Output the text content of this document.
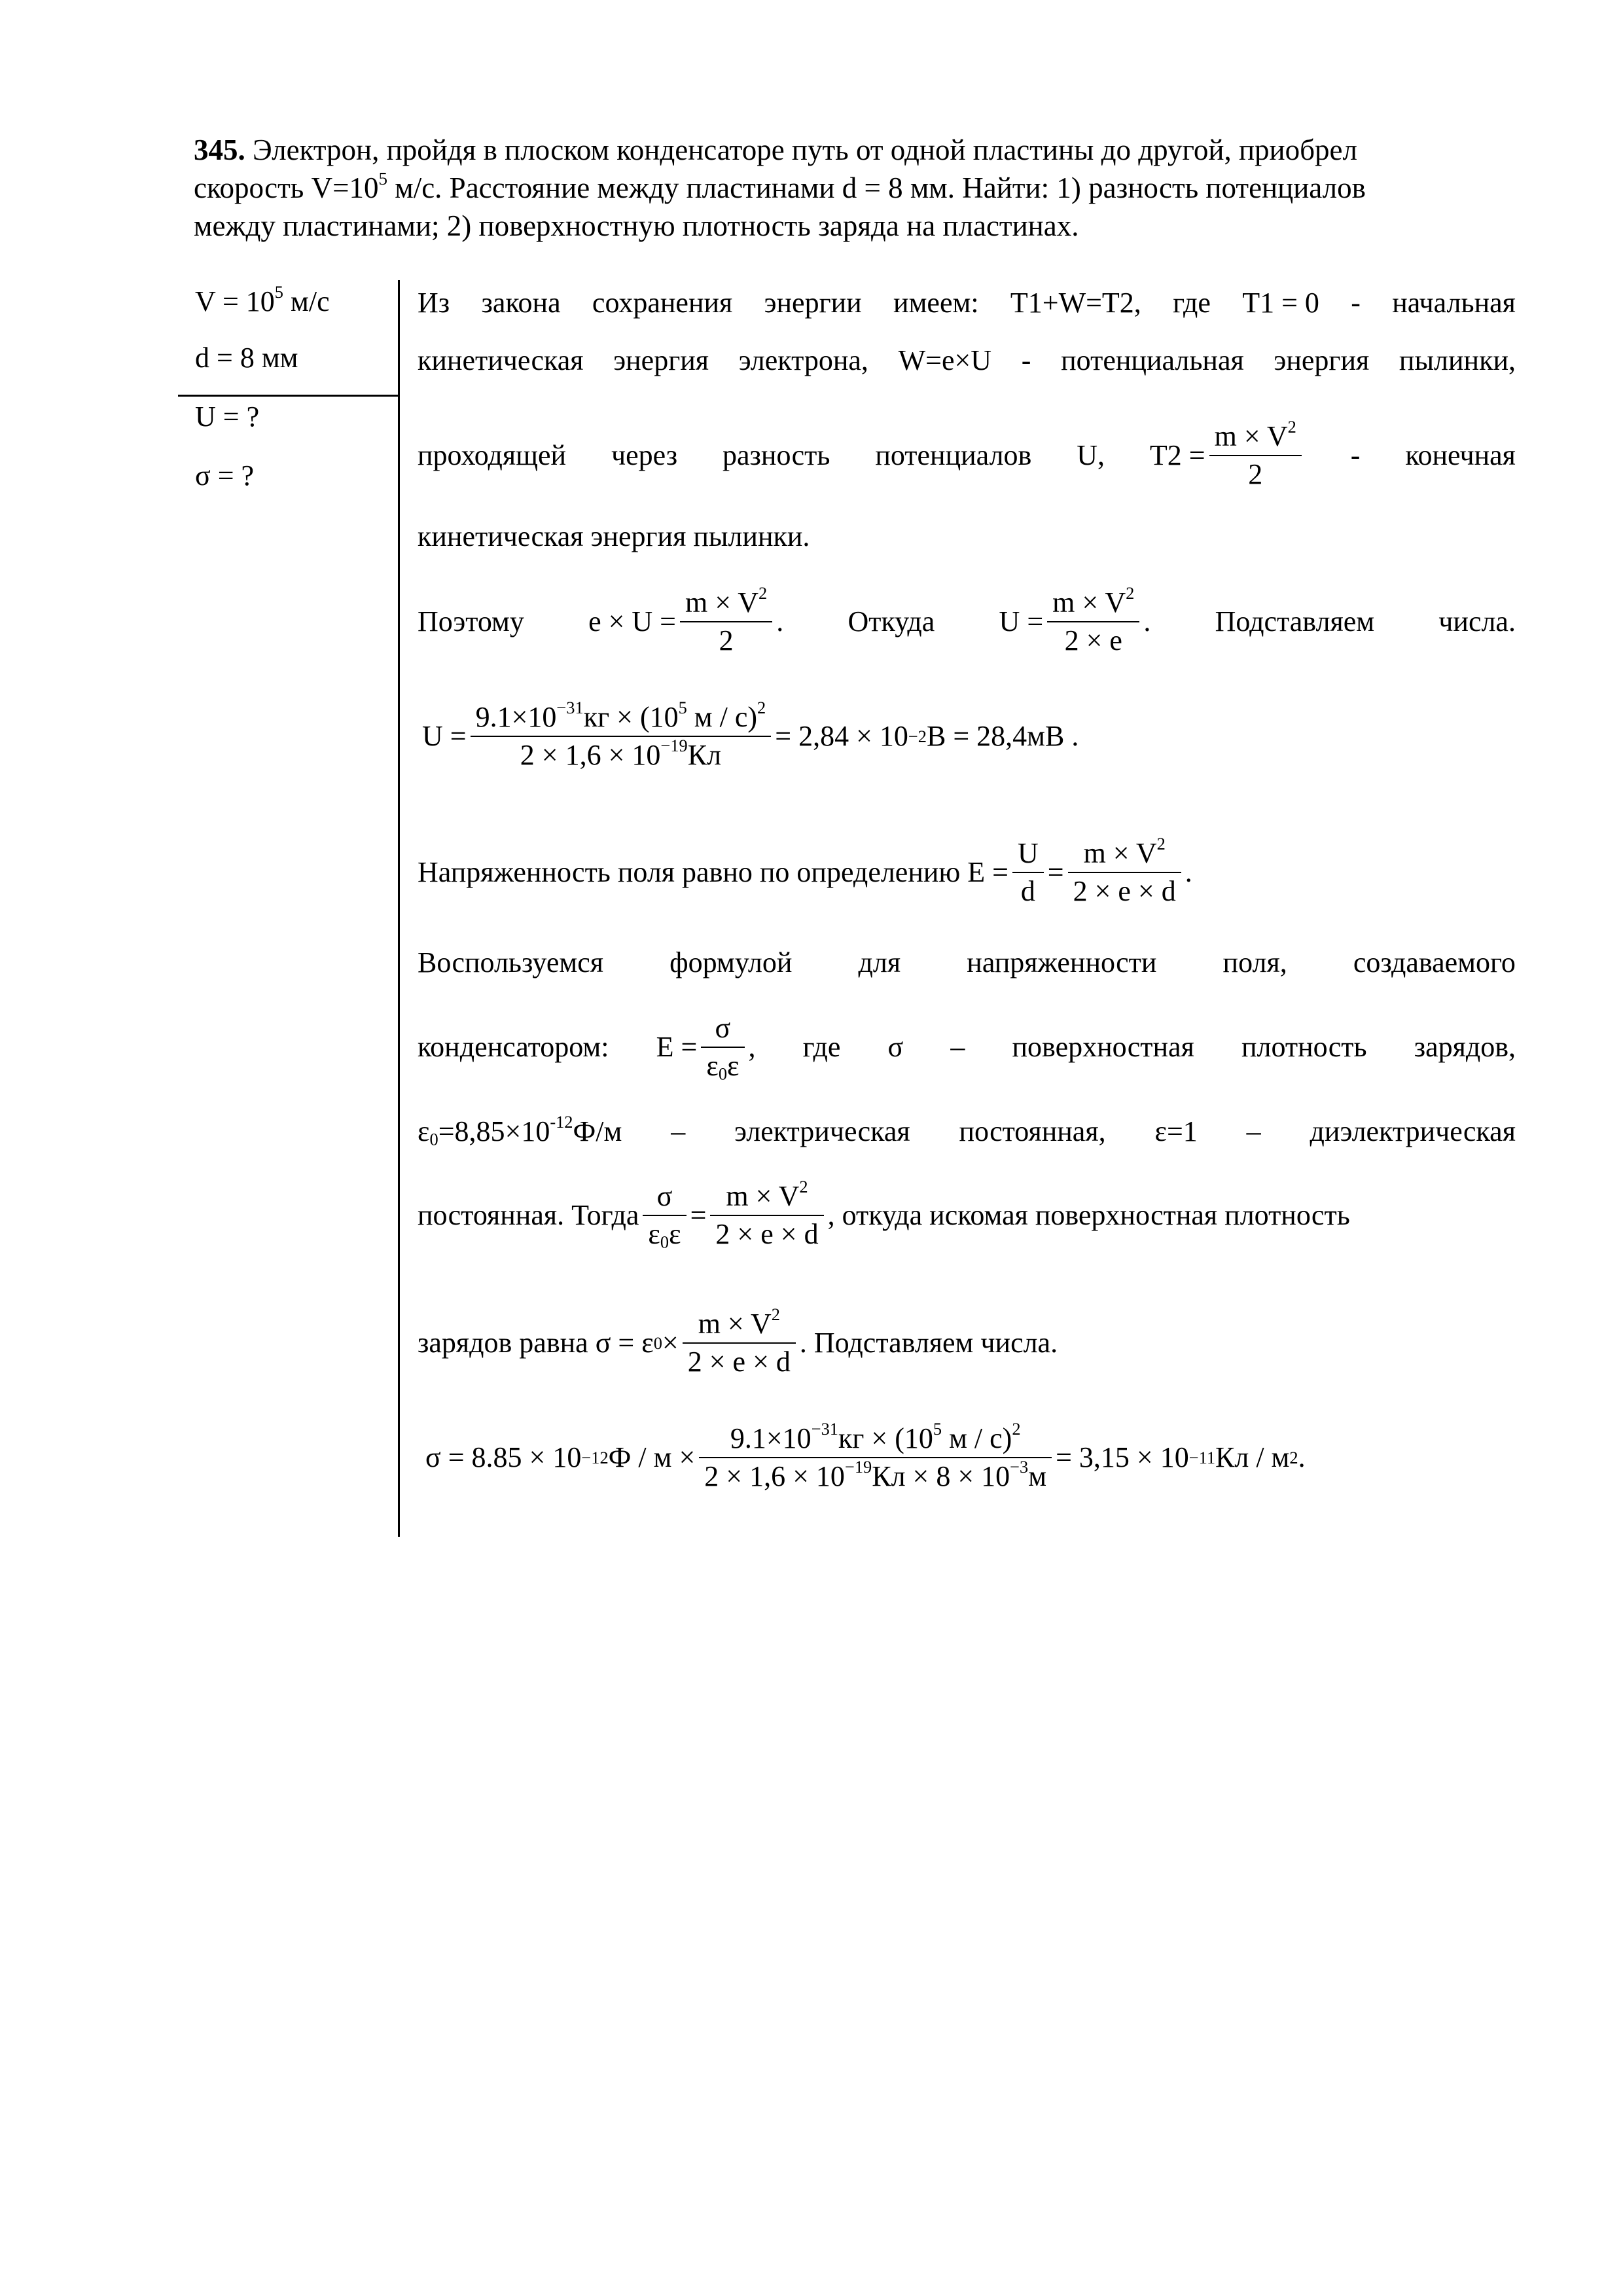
345. Электрон, пройдя в плоском конденсаторе путь от одной пластины до другой, приобрел
скорость $V=10^5$ м/с. Расстояние между пластинами d = 8 мм. Найти: 1) разность потенциалов
между пластинами; 2) поверхностную плотность заряда на пластинах.
$V = 10^5$ м/с
d = 8 мм
U = ?
σ = ?
Из закона сохранения энергии имеем: T1+W=T2, где T1 = 0 - начальная
кинетическая энергия электрона, W=e×U - потенциальная энергия пылинки,
проходящей через разность потенциалов U, $T2 = \frac{m \times V^2}{2}$ - конечная
кинетическая энергия пылинки.
Поэтому $e \times U = \frac{m \times V^2}{2}$ . Откуда $U = \frac{m \times V^2}{2 \times e}$ . Подставляем числа.
$U = \frac{9.1\times 10^{-31}кг \times (10^5 м / с)^2}{2 \times 1,6 \times 10^{-19}Кл} = 2,84 \times 10 -2$ В = 28,4мВ .
Напряженность поля равно по определению
$E = \frac{U}{d} = \frac{m \times V^2}{2 \times e \times d}$ .
Воспользуемся формулой для напряженности поля, создаваемого
конденсатором: $E = \frac{\sigma}{\varepsilon_0\varepsilon}$ , где σ – поверхностная плотность зарядов,
$\varepsilon_0=8,85\times 10^{-12}Ф/м$ – электрическая постоянная, ε=1 – диэлектрическая
постоянная. Тогда $\frac{\sigma}{\varepsilon_0\varepsilon} = \frac{m \times V^2}{2 \times e \times d}$ , откуда искомая поверхностная плотность
зарядов равна σ = ε $0 \times \frac{m \times V^2}{2 \times e \times d}$ . Подставляем числа.
σ = 8.85 × 10 −12 $Ф / м \times \frac{9.1\times 10^{-31}кг \times (10^5 м / с)^2}{2 \times 1,6 \times 10^{-19}Кл \times 8 \times 10^{-3}м} = 3,15 \times 10 -11$ Кл / м 2 .
